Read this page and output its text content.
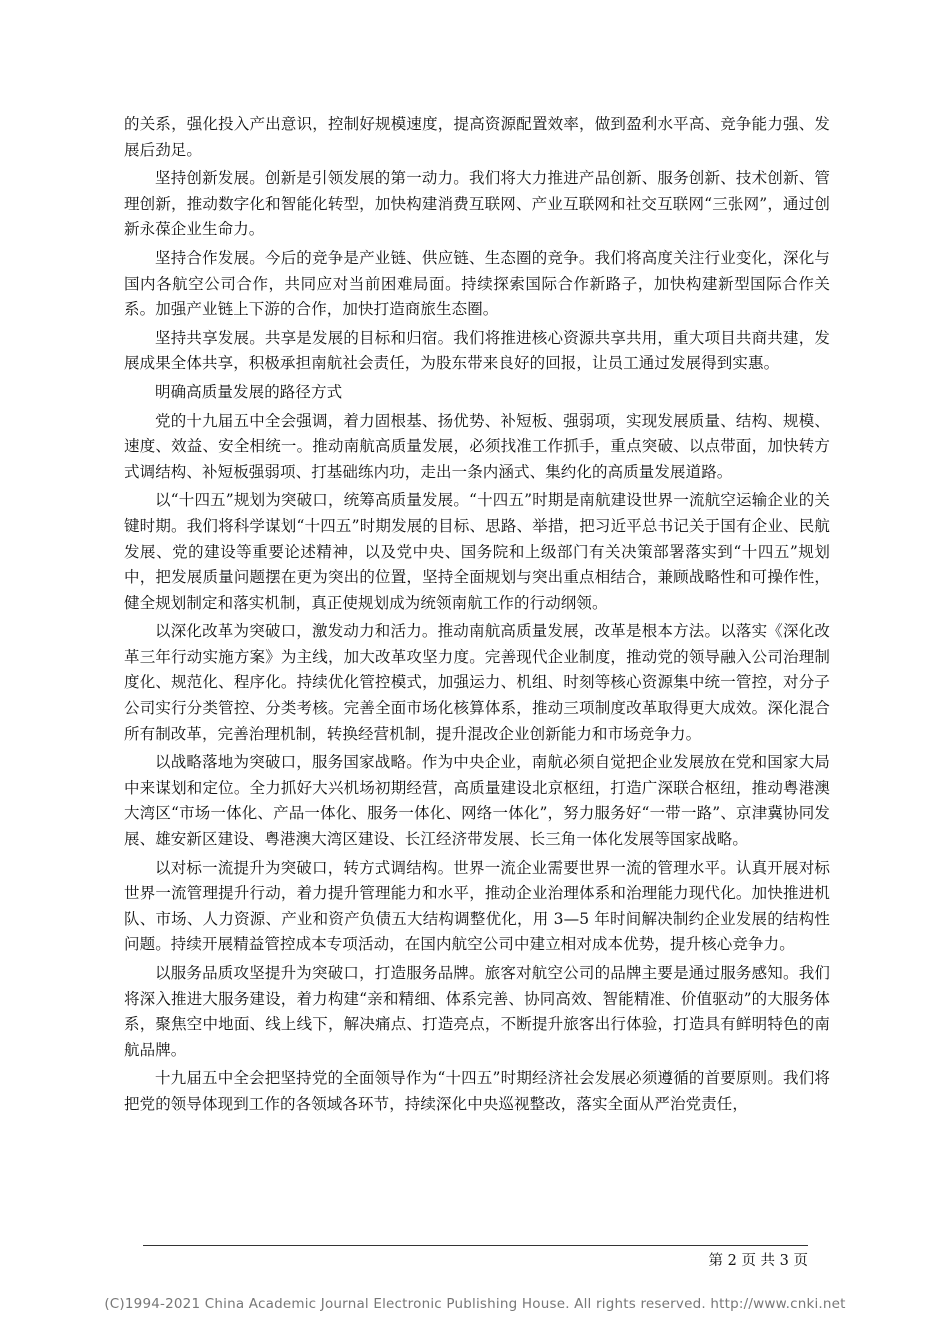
的关系，强化投入产出意识，控制好规模速度，提高资源配置效率，做到盈利水平高、竞争能力强、发展后劲足。

坚持创新发展。创新是引领发展的第一动力。我们将大力推进产品创新、服务创新、技术创新、管理创新，推动数字化和智能化转型，加快构建消费互联网、产业互联网和社交互联网“三张网”，通过创新永葆企业生命力。

坚持合作发展。今后的竞争是产业链、供应链、生态圈的竞争。我们将高度关注行业变化，深化与国内各航空公司合作，共同应对当前困难局面。持续探索国际合作新路子，加快构建新型国际合作关系。加强产业链上下游的合作，加快打造商旅生态圈。

坚持共享发展。共享是发展的目标和归宿。我们将推进核心资源共享共用，重大项目共商共建，发展成果全体共享，积极承担南航社会责任，为股东带来良好的回报，让员工通过发展得到实惠。

明确高质量发展的路径方式

党的十九届五中全会强调，着力固根基、扬优势、补短板、强弱项，实现发展质量、结构、规模、速度、效益、安全相统一。推动南航高质量发展，必须找准工作抓手，重点突破、以点带面，加快转方式调结构、补短板强弱项、打基础练内功，走出一条内涵式、集约化的高质量发展道路。

以“十四五”规划为突破口，统筹高质量发展。“十四五”时期是南航建设世界一流航空运输企业的关键时期。我们将科学谋划“十四五”时期发展的目标、思路、举措，把习近平总书记关于国有企业、民航发展、党的建设等重要论述精神，以及党中央、国务院和上级部门有关决策部署落实到“十四五”规划中，把发展质量问题摆在更为突出的位置，坚持全面规划与突出重点相结合，兼顾战略性和可操作性，健全规划制定和落实机制，真正使规划成为统领南航工作的行动纲领。

以深化改革为突破口，激发动力和活力。推动南航高质量发展，改革是根本方法。以落实《深化改革三年行动实施方案》为主线，加大改革攻坚力度。完善现代企业制度，推动党的领导融入公司治理制度化、规范化、程序化。持续优化管控模式，加强运力、机组、时刻等核心资源集中统一管控，对分子公司实行分类管控、分类考核。完善全面市场化核算体系，推动三项制度改革取得更大成效。深化混合所有制改革，完善治理机制，转换经营机制，提升混改企业创新能力和市场竞争力。

以战略落地为突破口，服务国家战略。作为中央企业，南航必须自觉把企业发展放在党和国家大局中来谋划和定位。全力抓好大兴机场初期经营，高质量建设北京枢纽，打造广深联合枢纽，推动粤港澳大湾区“市场一体化、产品一体化、服务一体化、网络一体化”，努力服务好“一带一路”、京津冀协同发展、雄安新区建设、粤港澳大湾区建设、长江经济带发展、长三角一体化发展等国家战略。

以对标一流提升为突破口，转方式调结构。世界一流企业需要世界一流的管理水平。认真开展对标世界一流管理提升行动，着力提升管理能力和水平，推动企业治理体系和治理能力现代化。加快推进机队、市场、人力资源、产业和资产负债五大结构调整优化，用 3—5 年时间解决制约企业发展的结构性问题。持续开展精益管控成本专项活动，在国内航空公司中建立相对成本优势，提升核心竞争力。

以服务品质攻坚提升为突破口，打造服务品牌。旅客对航空公司的品牌主要是通过服务感知。我们将深入推进大服务建设，着力构建“亲和精细、体系完善、协同高效、智能精准、价值驱动”的大服务体系，聚焦空中地面、线上线下，解决痛点、打造亮点，不断提升旅客出行体验，打造具有鲜明特色的南航品牌。

十九届五中全会把坚持党的全面领导作为“十四五”时期经济社会发展必须遵循的首要原则。我们将把党的领导体现到工作的各领域各环节，持续深化中央巡视整改，落实全面从严治党责任，

第 2 页 共 3 页
(C)1994-2021 China Academic Journal Electronic Publishing House. All rights reserved. http://www.cnki.net
